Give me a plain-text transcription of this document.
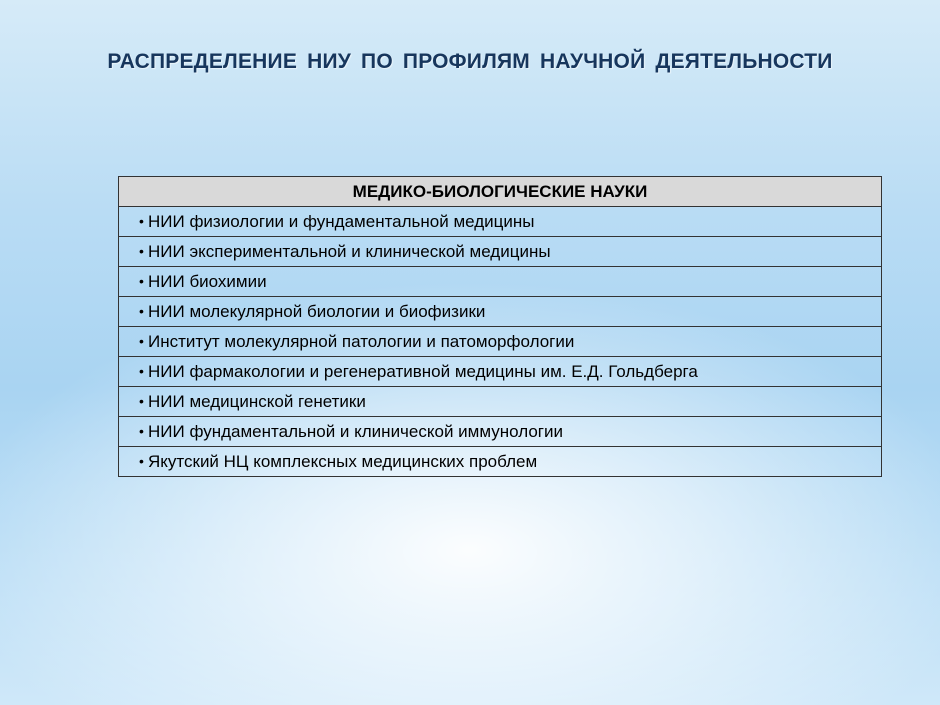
РАСПРЕДЕЛЕНИЕ НИУ ПО ПРОФИЛЯМ НАУЧНОЙ ДЕЯТЕЛЬНОСТИ
МЕДИКО-БИОЛОГИЧЕСКИЕ НАУКИ
• НИИ физиологии и фундаментальной медицины
• НИИ экспериментальной и клинической медицины
• НИИ биохимии
• НИИ молекулярной биологии и биофизики
• Институт молекулярной патологии и патоморфологии
• НИИ фармакологии и регенеративной медицины им. Е.Д. Гольдберга
• НИИ медицинской генетики
• НИИ фундаментальной и клинической иммунологии
• Якутский НЦ комплексных медицинских проблем
